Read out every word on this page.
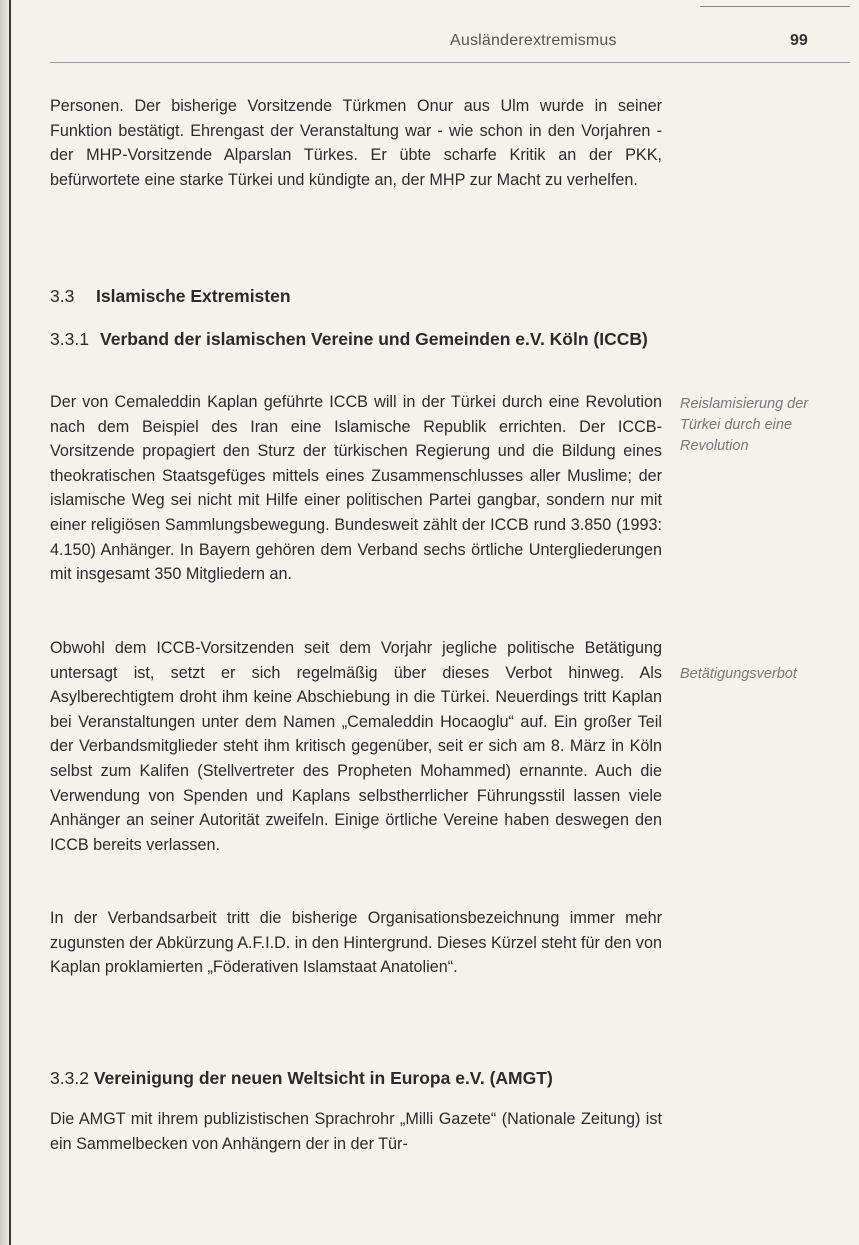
Ausländerextremismus	99

Personen. Der bisherige Vorsitzende Türkmen Onur aus Ulm wurde in seiner Funktion bestätigt. Ehrengast der Veranstaltung war - wie schon in den Vorjahren - der MHP-Vorsitzende Alparslan Türkes. Er übte scharfe Kritik an der PKK, befürwortete eine starke Türkei und kündigte an, der MHP zur Macht zu verhelfen.

3.3 Islamische Extremisten
3.3.1 Verband der islamischen Vereine und Gemeinden e.V. Köln (ICCB)

Der von Cemaleddin Kaplan geführte ICCB will in der Türkei durch eine Revolution nach dem Beispiel des Iran eine Islamische Republik errichten. Der ICCB-Vorsitzende propagiert den Sturz der türkischen Regierung und die Bildung eines theokratischen Staatsgefüges mittels eines Zusammenschlusses aller Muslime; der islamische Weg sei nicht mit Hilfe einer politischen Partei gangbar, sondern nur mit einer religiösen Sammlungsbewegung. Bundesweit zählt der ICCB rund 3.850 (1993: 4.150) Anhänger. In Bayern gehören dem Verband sechs örtliche Untergliederungen mit insgesamt 350 Mitgliedern an.

Reislamisierung der Türkei durch eine Revolution

Obwohl dem ICCB-Vorsitzenden seit dem Vorjahr jegliche politische Betätigung untersagt ist, setzt er sich regelmäßig über dieses Verbot hinweg. Als Asylberechtigtem droht ihm keine Abschiebung in die Türkei. Neuerdings tritt Kaplan bei Veranstaltungen unter dem Namen „Cemaleddin Hocaoglu“ auf. Ein großer Teil der Verbandsmitglieder steht ihm kritisch gegenüber, seit er sich am 8. März in Köln selbst zum Kalifen (Stellvertreter des Propheten Mohammed) ernannte. Auch die Verwendung von Spenden und Kaplans selbstherrlicher Führungsstil lassen viele Anhänger an seiner Autorität zweifeln. Einige örtliche Vereine haben deswegen den ICCB bereits verlassen.

Betätigungsverbot

In der Verbandsarbeit tritt die bisherige Organisationsbezeichnung immer mehr zugunsten der Abkürzung A.F.I.D. in den Hintergrund. Dieses Kürzel steht für den von Kaplan proklamierten „Föderativen Islamstaat Anatolien“.

3.3.2 Vereinigung der neuen Weltsicht in Europa e.V. (AMGT)

Die AMGT mit ihrem publizistischen Sprachrohr „Milli Gazete“ (Nationale Zeitung) ist ein Sammelbecken von Anhängern der in der Tür-
